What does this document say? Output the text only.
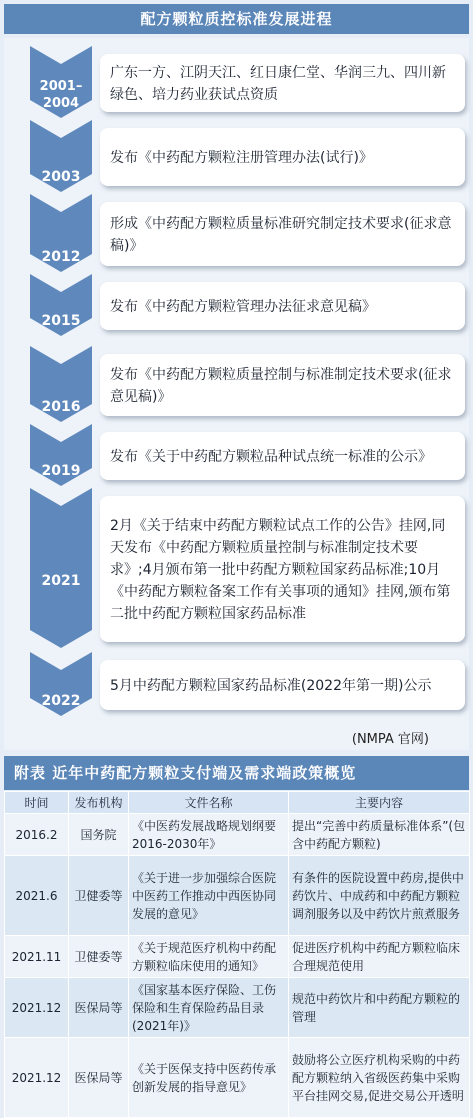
配方颗粒质控标准发展进程
2001–2004
广东一方、江阴天江、红日康仁堂、华润三九、四川新绿色、培力药业获试点资质
2003
发布《中药配方颗粒注册管理办法(试行)》
2012
形成《中药配方颗粒质量标准研究制定技术要求(征求意稿)》
2015
发布《中药配方颗粒管理办法征求意见稿》
2016
发布《中药配方颗粒质量控制与标准制定技术要求(征求意见稿)》
2019
发布《关于中药配方颗粒品种试点统一标准的公示》
2021
2月《关于结束中药配方颗粒试点工作的公告》挂网,同天发布《中药配方颗粒质量控制与标准制定技术要求》;4月颁布第一批中药配方颗粒国家药品标准;10月《中药配方颗粒备案工作有关事项的通知》挂网,颁布第二批中药配方颗粒国家药品标准
2022
5月中药配方颗粒国家药品标准(2022年第一期)公示
(NMPA 官网)
附表 近年中药配方颗粒支付端及需求端政策概览
时间	发布机构	文件名称	主要内容
2016.2	国务院	《中医药发展战略规划纲要 2016-2030年》	提出“完善中药质量标准体系”(包含中药配方颗粒)
2021.6	卫健委等	《关于进一步加强综合医院中医药工作推动中西医协同发展的意见》	有条件的医院设置中药房,提供中药饮片、中成药和中药配方颗粒调剂服务以及中药饮片煎煮服务
2021.11	卫健委等	《关于规范医疗机构中药配方颗粒临床使用的通知》	促进医疗机构中药配方颗粒临床合理规范使用
2021.12	医保局等	《国家基本医疗保险、工伤保险和生育保险药品目录(2021年)》	规范中药饮片和中药配方颗粒的管理
2021.12	医保局等	《关于医保支持中医药传承创新发展的指导意见》	鼓励将公立医疗机构采购的中药配方颗粒纳入省级医药集中采购平台挂网交易,促进交易公开透明
